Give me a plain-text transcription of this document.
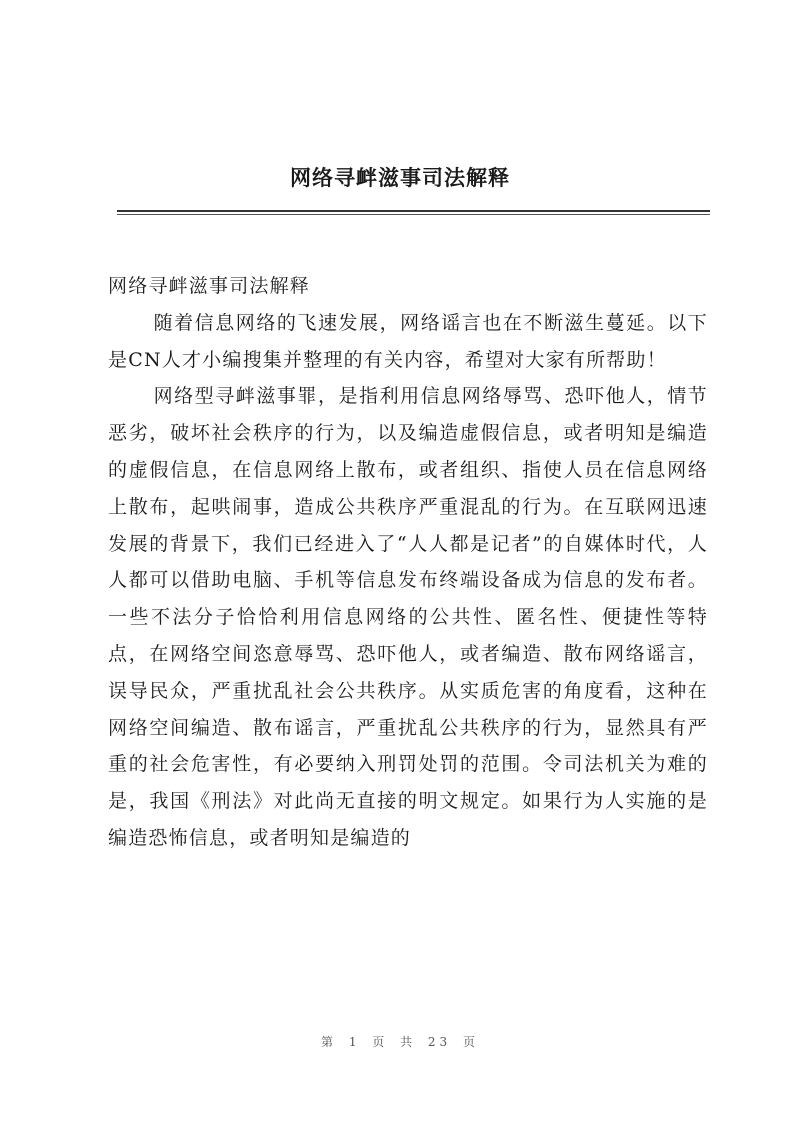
网络寻衅滋事司法解释

网络寻衅滋事司法解释

随着信息网络的飞速发展，网络谣言也在不断滋生蔓延。以下是CN人才小编搜集并整理的有关内容，希望对大家有所帮助！

网络型寻衅滋事罪，是指利用信息网络辱骂、恐吓他人，情节恶劣，破坏社会秩序的行为，以及编造虚假信息，或者明知是编造的虚假信息，在信息网络上散布，或者组织、指使人员在信息网络上散布，起哄闹事，造成公共秩序严重混乱的行为。在互联网迅速发展的背景下，我们已经进入了“人人都是记者”的自媒体时代，人人都可以借助电脑、手机等信息发布终端设备成为信息的发布者。一些不法分子恰恰利用信息网络的公共性、匿名性、便捷性等特点，在网络空间恣意辱骂、恐吓他人，或者编造、散布网络谣言，误导民众，严重扰乱社会公共秩序。从实质危害的角度看，这种在网络空间编造、散布谣言，严重扰乱公共秩序的行为，显然具有严重的社会危害性，有必要纳入刑罚处罚的范围。令司法机关为难的是，我国《刑法》对此尚无直接的明文规定。如果行为人实施的是编造恐怖信息，或者明知是编造的

第 1 页 共 23 页
